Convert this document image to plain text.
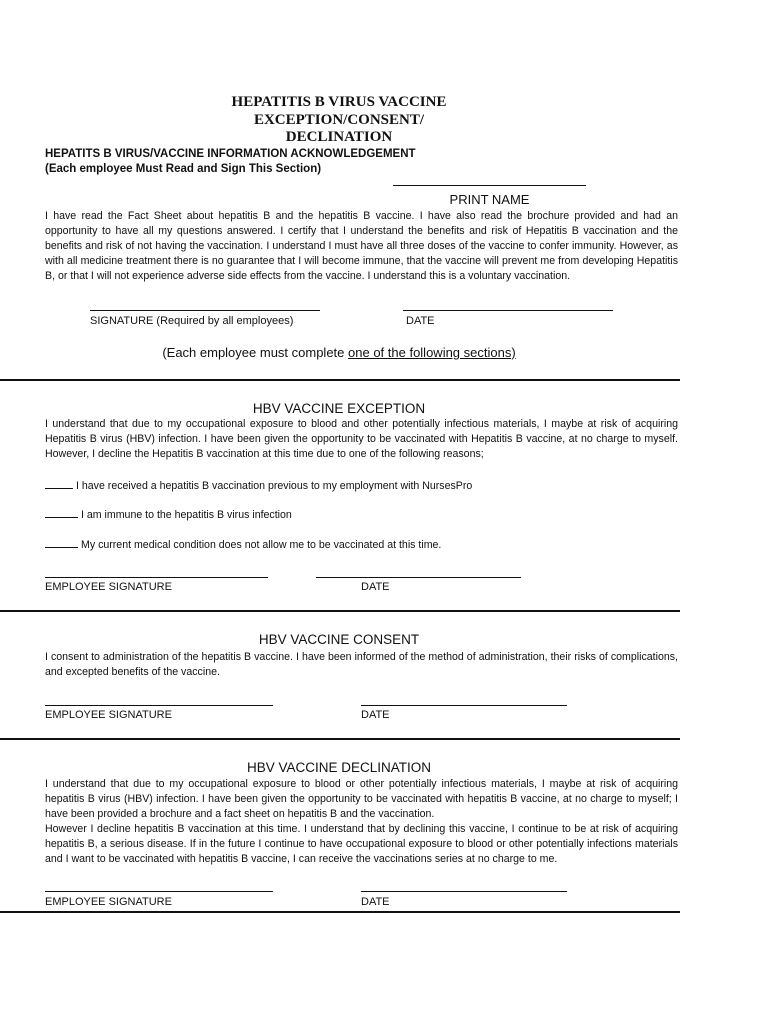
HEPATITIS B VIRUS VACCINE
EXCEPTION/CONSENT/
DECLINATION
HEPATITS B VIRUS/VACCINE INFORMATION ACKNOWLEDGEMENT
(Each employee Must Read and Sign This Section)
PRINT NAME
I have read the Fact Sheet about hepatitis B and the hepatitis B vaccine. I have also read the brochure provided and had an opportunity to have all my questions answered. I certify that I understand the benefits and risk of Hepatitis B vaccination and the benefits and risk of not having the vaccination. I understand I must have all three doses of the vaccine to confer immunity. However, as with all medicine treatment there is no guarantee that I will become immune, that the vaccine will prevent me from developing Hepatitis B, or that I will not experience adverse side effects from the vaccine. I understand this is a voluntary vaccination.
SIGNATURE (Required by all employees)	DATE
(Each employee must complete one of the following sections)
HBV VACCINE EXCEPTION
I understand that due to my occupational exposure to blood and other potentially infectious materials, I maybe at risk of acquiring Hepatitis B virus (HBV) infection. I have been given the opportunity to be vaccinated with Hepatitis B vaccine, at no charge to myself. However, I decline the Hepatitis B vaccination at this time due to one of the following reasons;
I have received a hepatitis B vaccination previous to my employment with NursesPro
I am immune to the hepatitis B virus infection
My current medical condition does not allow me to be vaccinated at this time.
EMPLOYEE SIGNATURE	DATE
HBV VACCINE CONSENT
I consent to administration of the hepatitis B vaccine. I have been informed of the method of administration, their risks of complications, and excepted benefits of the vaccine.
EMPLOYEE SIGNATURE	DATE
HBV VACCINE DECLINATION
I understand that due to my occupational exposure to blood or other potentially infectious materials, I maybe at risk of acquiring hepatitis B virus (HBV) infection. I have been given the opportunity to be vaccinated with hepatitis B vaccine, at no charge to myself; I have been provided a brochure and a fact sheet on hepatitis B and the vaccination.
However I decline hepatitis B vaccination at this time. I understand that by declining this vaccine, I continue to be at risk of acquiring hepatitis B, a serious disease. If in the future I continue to have occupational exposure to blood or other potentially infections materials and I want to be vaccinated with hepatitis B vaccine, I can receive the vaccinations series at no charge to me.
EMPLOYEE SIGNATURE	DATE
